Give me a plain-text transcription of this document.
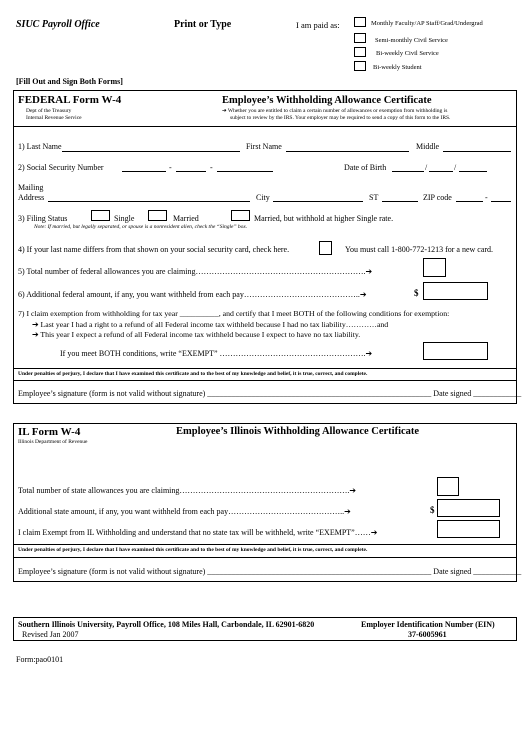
SIUC Payroll Office	Print or Type	I am paid as:	Monthly Faculty/AP Staff/Grad/Undergrad
Semi-monthly Civil Service
Bi-weekly Civil Service
Bi-weekly Student
[Fill Out and Sign Both Forms]
FEDERAL Form W-4
Dept of the Treasury
Internal Revenue Service
Employee’s Withholding Allowance Certificate
➔ Whether you are entitled to claim a certain number of allowances or exemption from withholding is
subject to review by the IRS. Your employer may be required to send a copy of this form to the IRS.
1) Last Name	First Name	Middle
2) Social Security Number	-	-	Date of Birth	/	/
Mailing
Address	City	ST	ZIP code	-
3) Filing Status	Single	Married	Married, but withhold at higher Single rate.
Note: If married, but legally separated, or spouse is a nonresident alien, check the “Single” box.
4) If your last name differs from that shown on your social security card, check here.	You must call 1-800-772-1213 for a new card.
5) Total number of federal allowances you are claiming……………………………………………………….➔
6) Additional federal amount, if any, you want withheld from each pay……………………………………..➔	$
7) I claim exemption from withholding for tax year __________, and certify that I meet BOTH of the following conditions for exemption:
➔ Last year I had a right to a refund of all Federal income tax withheld because I had no tax liability…………and
➔ This year I expect a refund of all Federal income tax withheld because I expect to have no tax liability.
If you meet BOTH conditions, write “EXEMPT” ……………………………………………….➔
Under penalties of perjury, I declare that I have examined this certificate and to the best of my knowledge and belief, it is true, correct, and complete.
Employee’s signature (form is not valid without signature) ________________________________________________________ Date signed ____________
IL Form W-4
Illinois Department of Revenue
Employee’s Illinois Withholding Allowance Certificate
Total number of state allowances you are claiming……………………………………………………….➔
Additional state amount, if any, you want withheld from each pay……………………………………..➔	$
I claim Exempt from IL Withholding and understand that no state tax will be withheld, write “EXEMPT”……➔
Under penalties of perjury, I declare that I have examined this certificate and to the best of my knowledge and belief, it is true, correct, and complete.
Employee’s signature (form is not valid without signature) ________________________________________________________ Date signed ____________
Southern Illinois University, Payroll Office, 108 Miles Hall, Carbondale, IL 62901-6820
Revised Jan 2007
Employer Identification Number (EIN)
37-6005961
Form:pao0101
